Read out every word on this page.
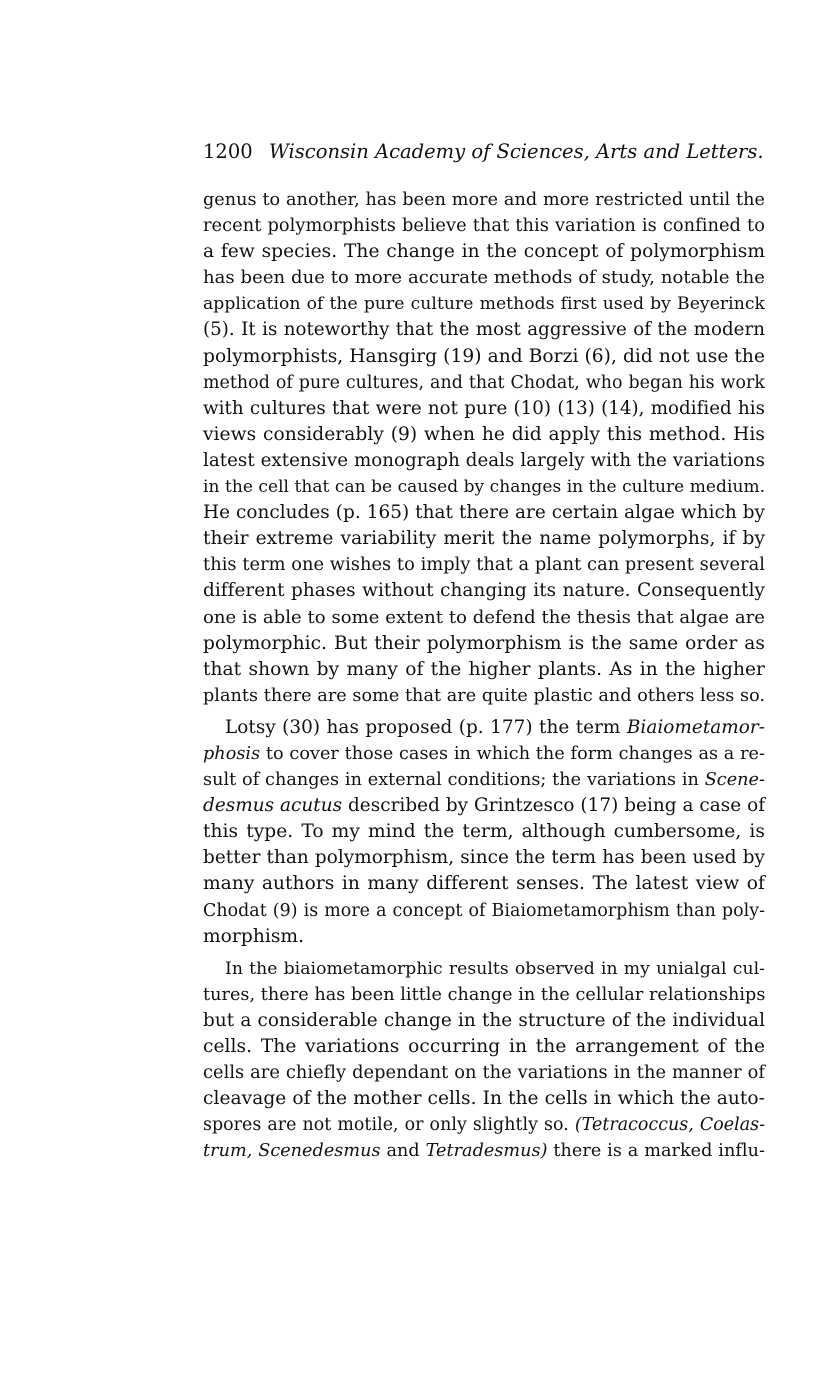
1200 Wisconsin Academy of Sciences, Arts and Letters.
genus to another, has been more and more restricted until the
recent polymorphists believe that this variation is confined to
a few species. The change in the concept of polymorphism
has been due to more accurate methods of study, notable the
application of the pure culture methods first used by Beyerinck
(5). It is noteworthy that the most aggressive of the modern
polymorphists, Hansgirg (19) and Borzi (6), did not use the
method of pure cultures, and that Chodat, who began his work
with cultures that were not pure (10) (13) (14), modified his
views considerably (9) when he did apply this method. His
latest extensive monograph deals largely with the variations
in the cell that can be caused by changes in the culture medium.
He concludes (p. 165) that there are certain algae which by
their extreme variability merit the name polymorphs, if by
this term one wishes to imply that a plant can present several
different phases without changing its nature. Consequently
one is able to some extent to defend the thesis that algae are
polymorphic. But their polymorphism is the same order as
that shown by many of the higher plants. As in the higher
plants there are some that are quite plastic and others less so.
Lotsy (30) has proposed (p. 177) the term Biaiometamor-
phosis to cover those cases in which the form changes as a re-
sult of changes in external conditions; the variations in Scene-
desmus acutus described by Grintzesco (17) being a case of
this type. To my mind the term, although cumbersome, is
better than polymorphism, since the term has been used by
many authors in many different senses. The latest view of
Chodat (9) is more a concept of Biaiometamorphism than poly-
morphism.
In the biaiometamorphic results observed in my unialgal cul-
tures, there has been little change in the cellular relationships
but a considerable change in the structure of the individual
cells. The variations occurring in the arrangement of the
cells are chiefly dependant on the variations in the manner of
cleavage of the mother cells. In the cells in which the auto-
spores are not motile, or only slightly so. (Tetracoccus, Coelas-
trum, Scenedesmus and Tetradesmus) there is a marked influ-
